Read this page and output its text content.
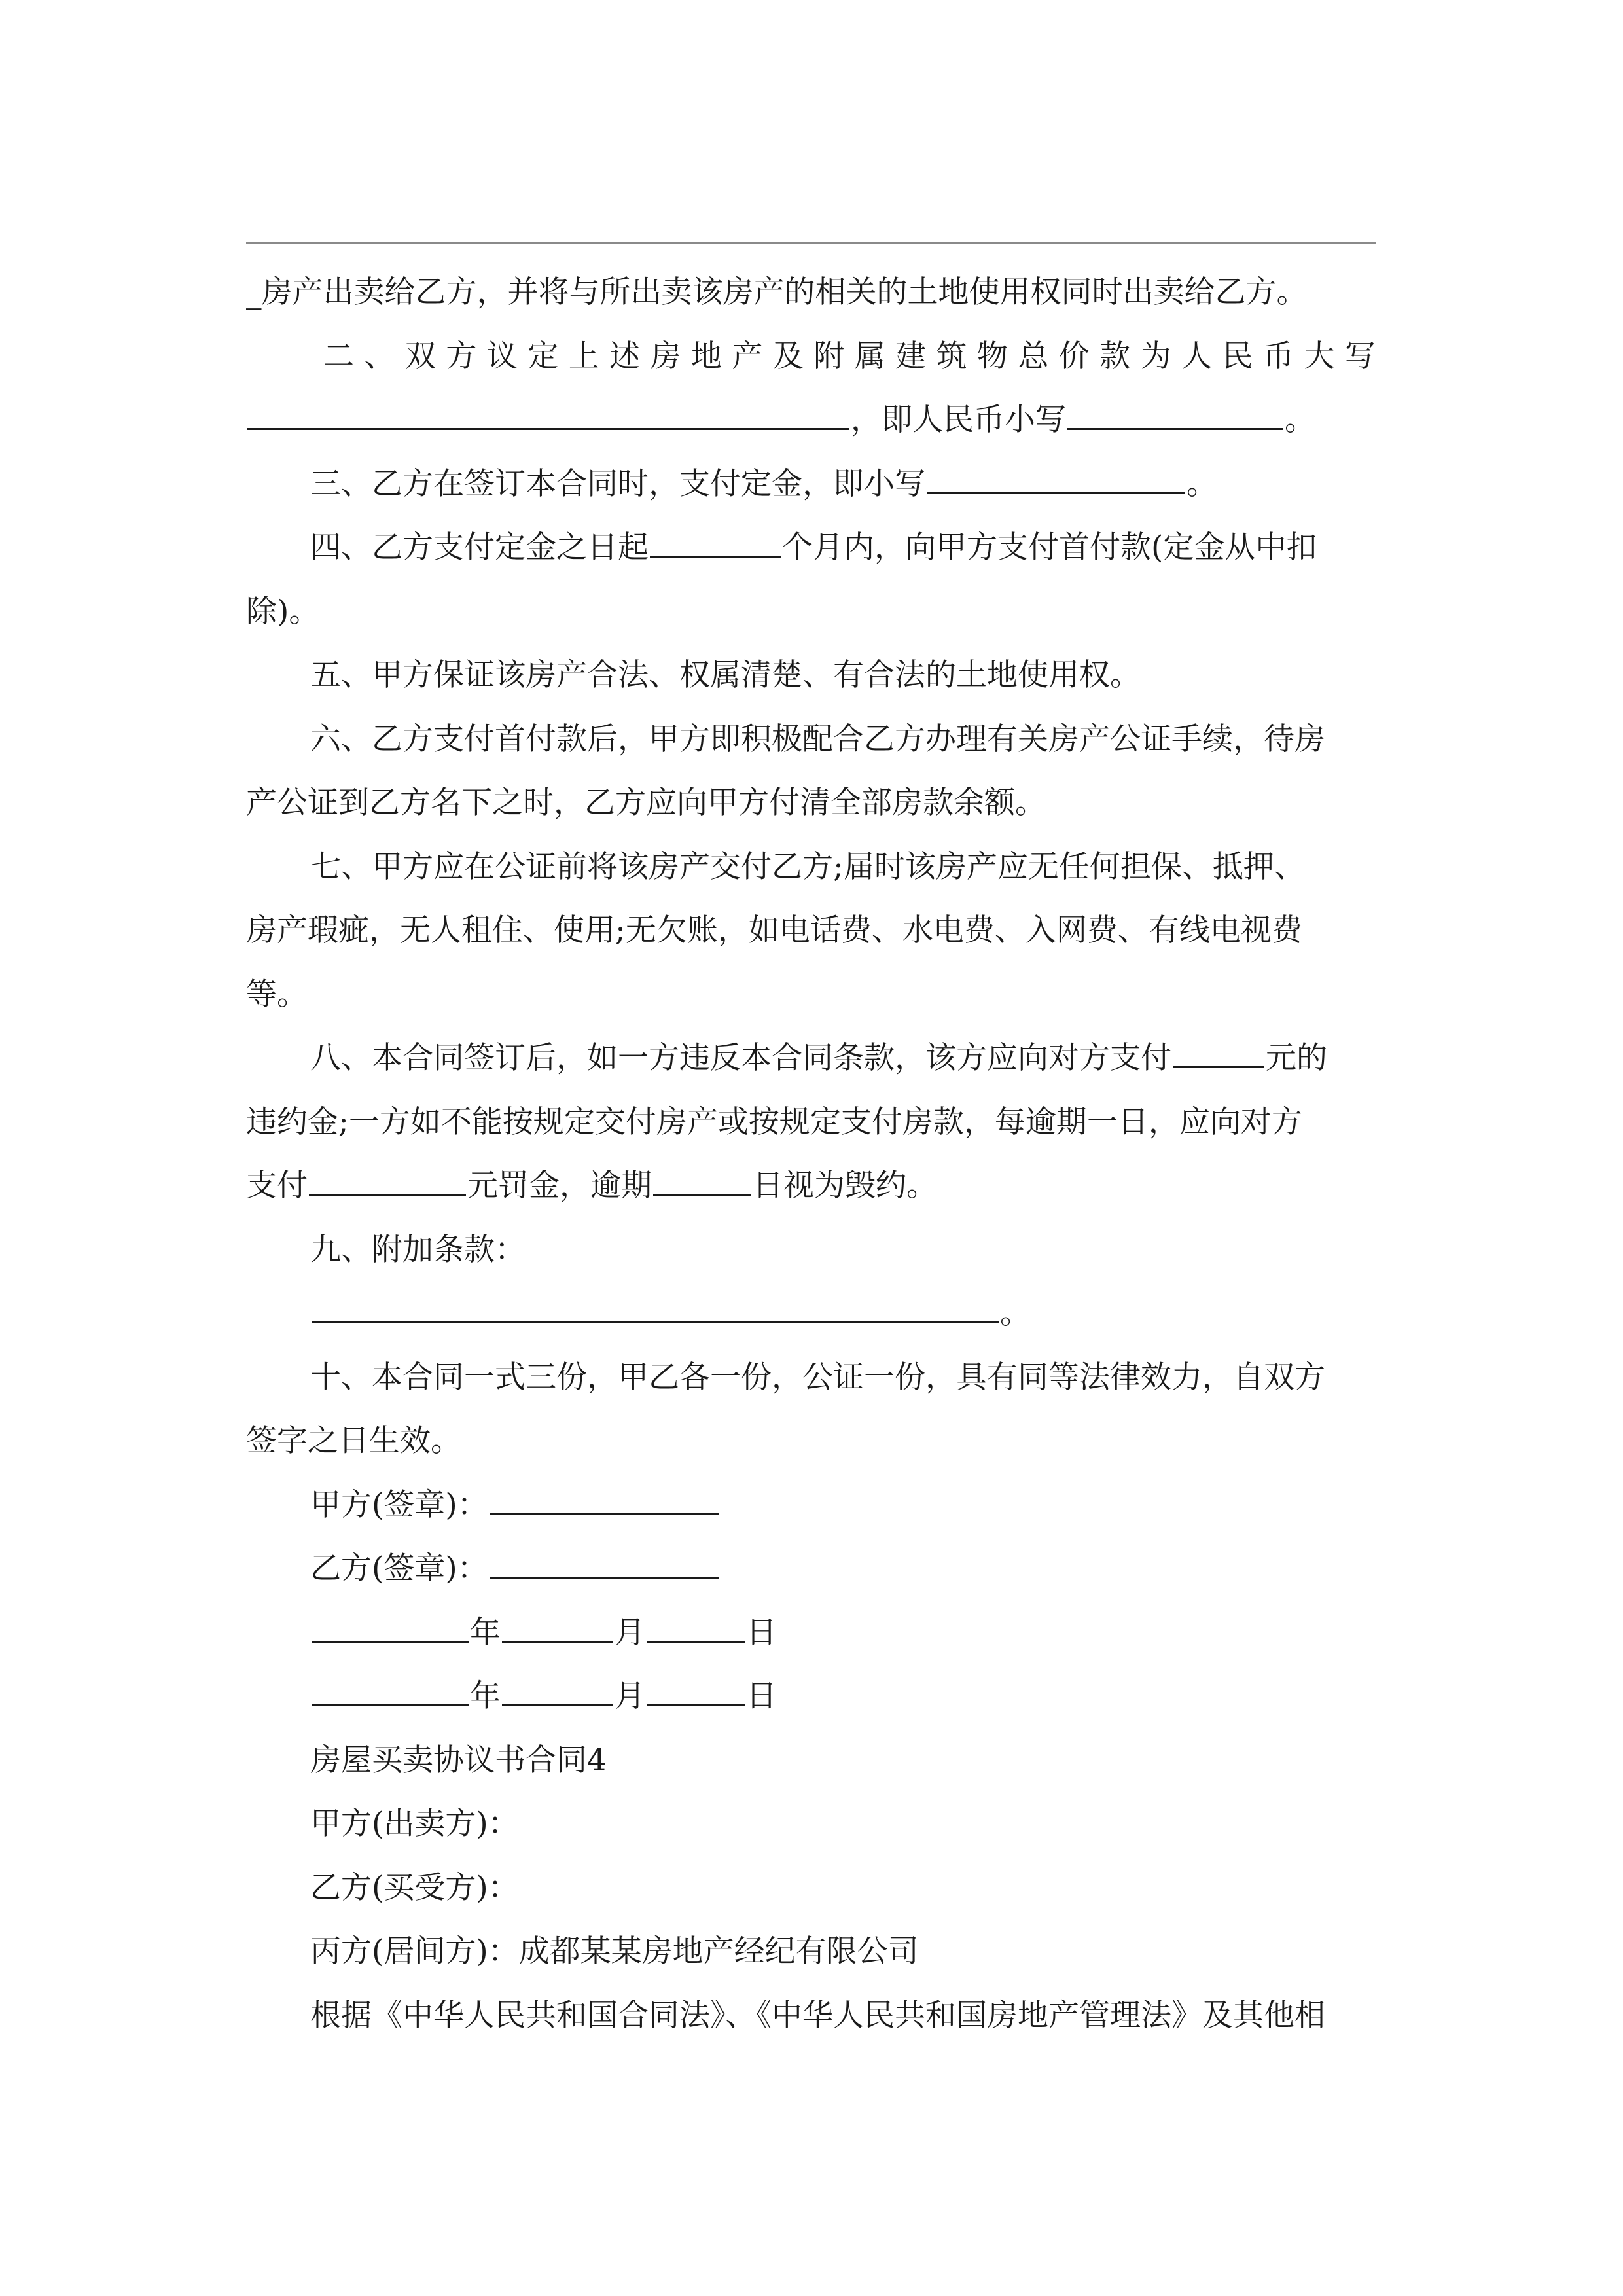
_房产出卖给乙方，并将与所出卖该房产的相关的土地使用权同时出卖给乙方。
二、双方议定上述房地产及附属建筑物总价款为人民币大写
，即人民币小写	。
三、乙方在签订本合同时，支付定金，即小写	。
四、乙方支付定金之日起	个月内，向甲方支付首付款(定金从中扣
除)。
五、甲方保证该房产合法、权属清楚、有合法的土地使用权。
六、乙方支付首付款后，甲方即积极配合乙方办理有关房产公证手续，待房
产公证到乙方名下之时，乙方应向甲方付清全部房款余额。
七、甲方应在公证前将该房产交付乙方;届时该房产应无任何担保、抵押、
房产瑕疵，无人租住、使用;无欠账，如电话费、水电费、入网费、有线电视费
等。
八、本合同签订后，如一方违反本合同条款，该方应向对方支付	元的
违约金;一方如不能按规定交付房产或按规定支付房款，每逾期一日，应向对方
支付	元罚金，逾期	日视为毁约。
九、附加条款：
。
十、本合同一式三份，甲乙各一份，公证一份，具有同等法律效力，自双方
签字之日生效。
甲方(签章)：
乙方(签章)：
年	月	日
年	月	日
房屋买卖协议书合同4
甲方(出卖方)：
乙方(买受方)：
丙方(居间方)：成都某某房地产经纪有限公司
根据《中华人民共和国合同法》、《中华人民共和国房地产管理法》及其他相
